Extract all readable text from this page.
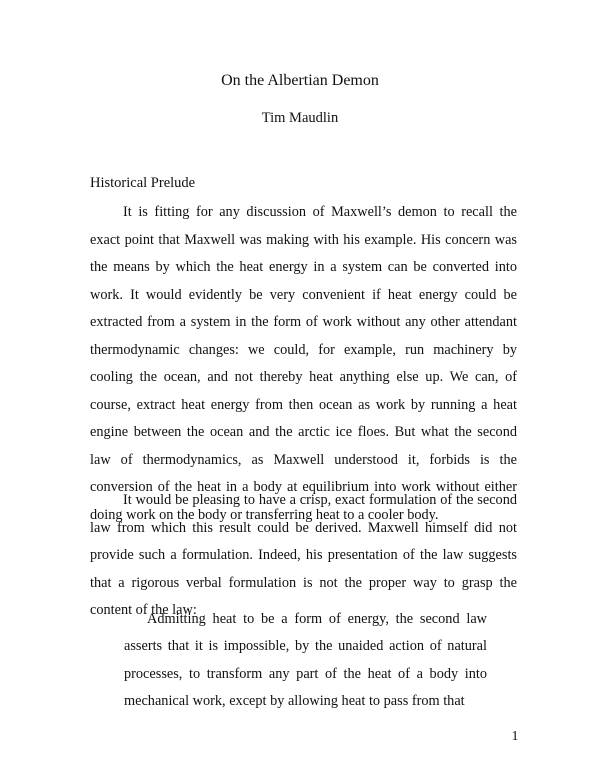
On the Albertian Demon
Tim Maudlin
Historical Prelude

It is fitting for any discussion of Maxwell’s demon to recall the exact point that Maxwell was making with his example. His concern was the means by which the heat energy in a system can be converted into work. It would evidently be very convenient if heat energy could be extracted from a system in the form of work without any other attendant thermodynamic changes: we could, for example, run machinery by cooling the ocean, and not thereby heat anything else up. We can, of course, extract heat energy from then ocean as work by running a heat engine between the ocean and the arctic ice floes. But what the second law of thermodynamics, as Maxwell understood it, forbids is the conversion of the heat in a body at equilibrium into work without either doing work on the body or transferring heat to a cooler body.

It would be pleasing to have a crisp, exact formulation of the second law from which this result could be derived. Maxwell himself did not provide such a formulation. Indeed, his presentation of the law suggests that a rigorous verbal formulation is not the proper way to grasp the content of the law:

Admitting heat to be a form of energy, the second law asserts that it is impossible, by the unaided action of natural processes, to transform any part of the heat of a body into mechanical work, except by allowing heat to pass from that

1
